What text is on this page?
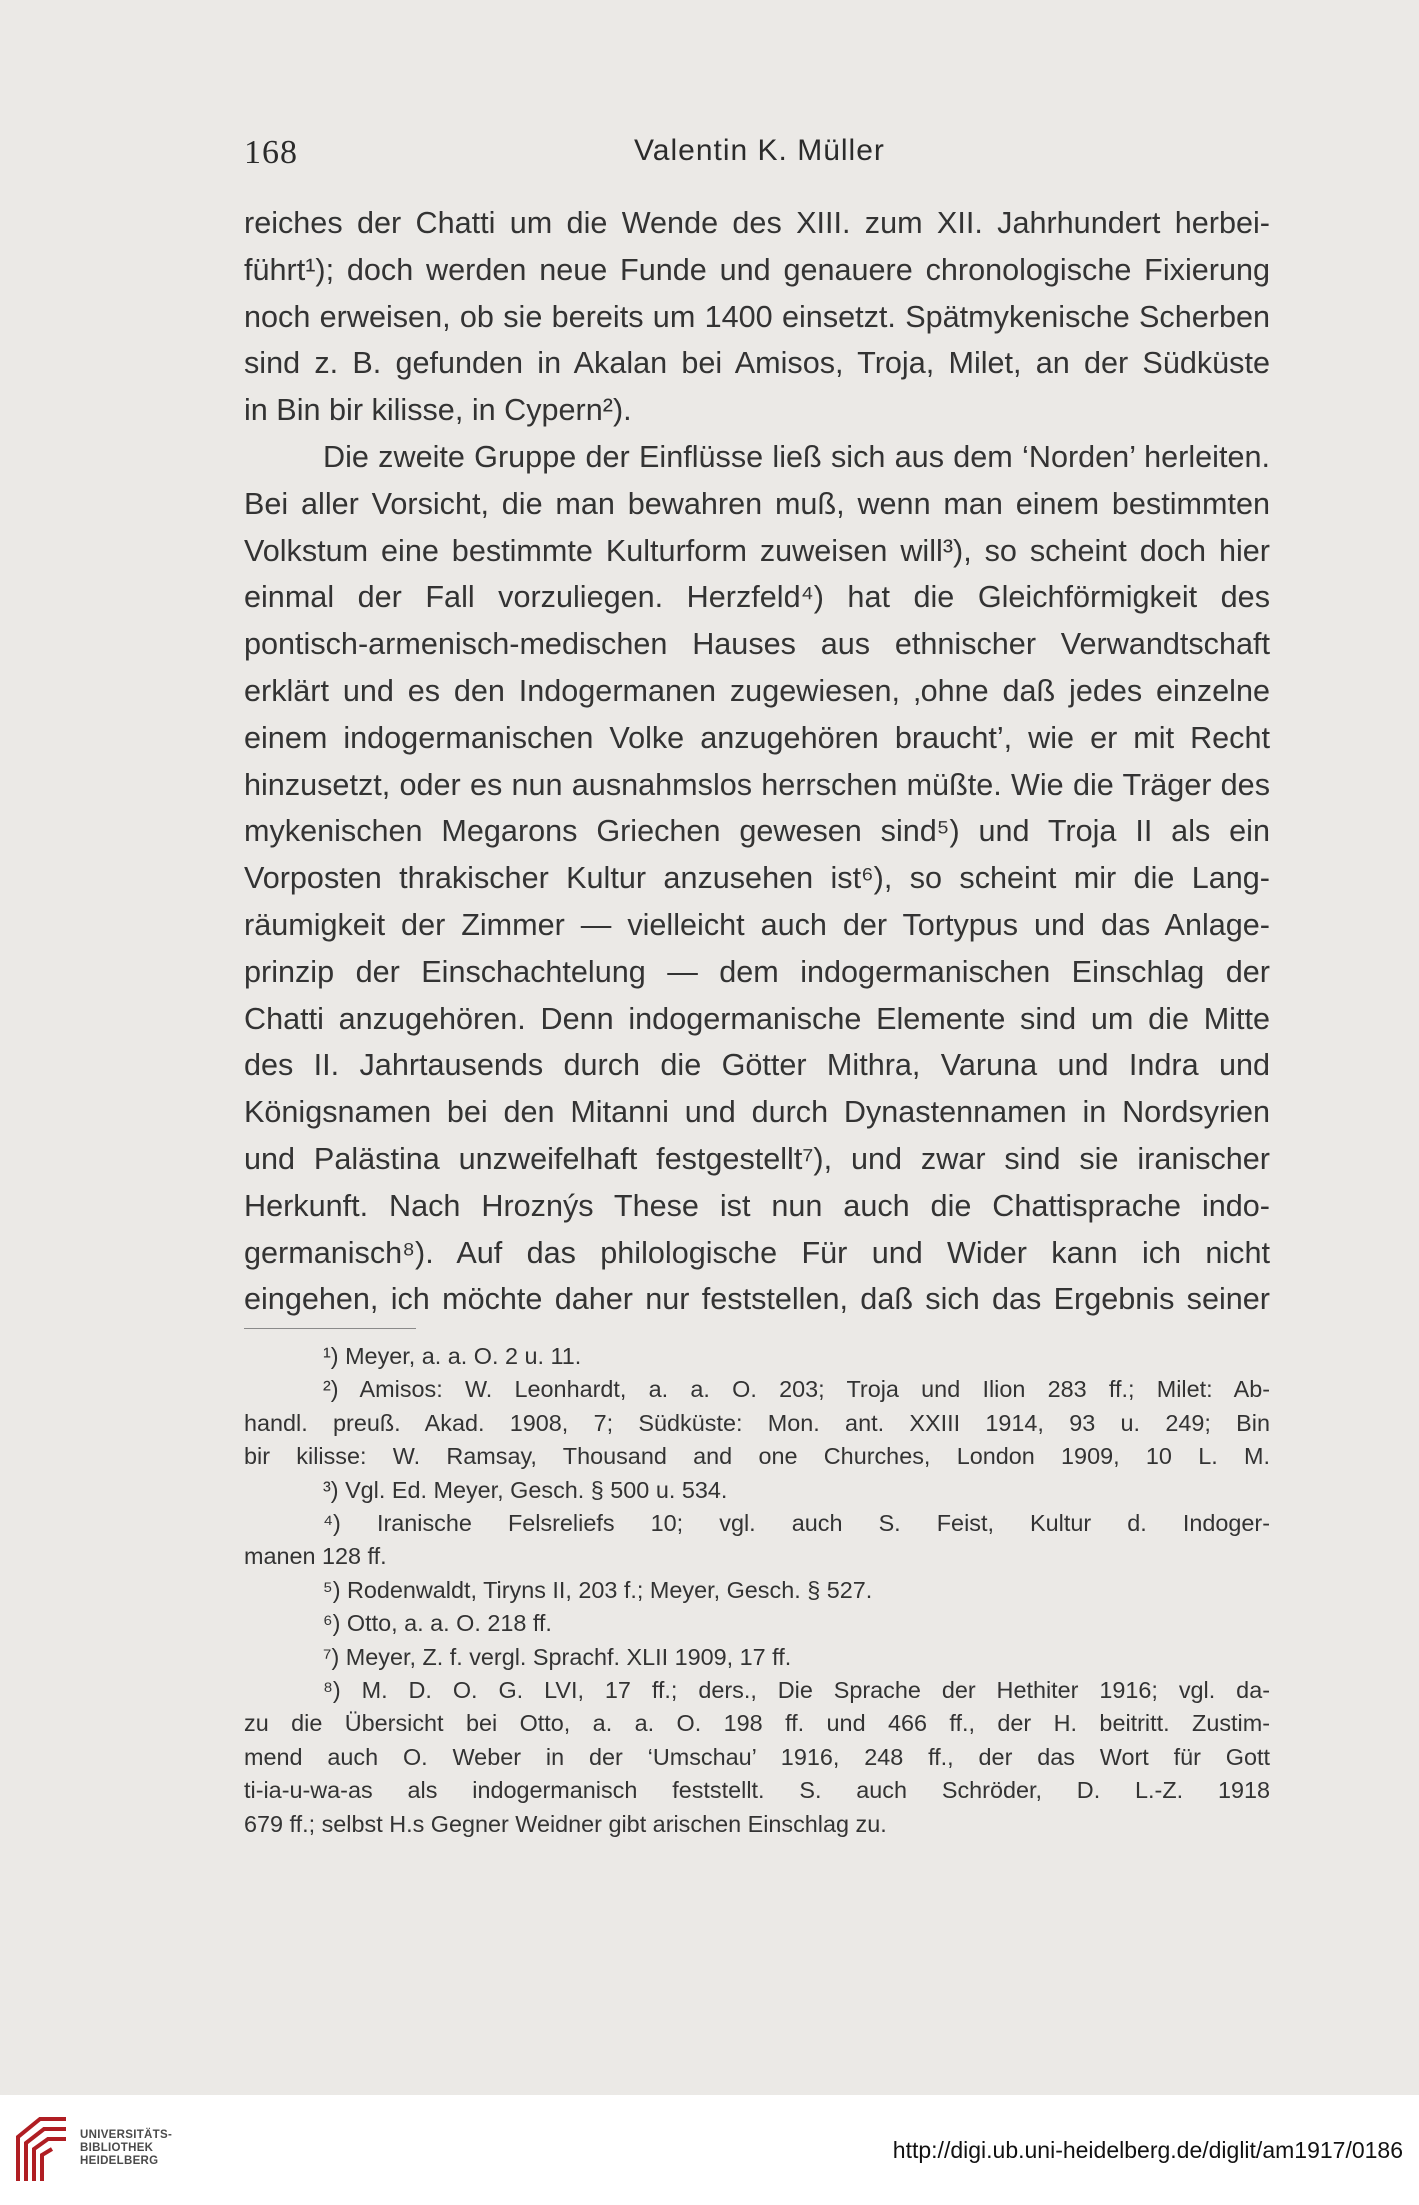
168	Valentin K. Müller
reiches der Chatti um die Wende des XIII. zum XII. Jahrhundert herbei-
führt¹); doch werden neue Funde und genauere chronologische Fixierung
noch erweisen, ob sie bereits um 1400 einsetzt. Spätmykenische Scherben
sind z. B. gefunden in Akalan bei Amisos, Troja, Milet, an der Südküste
in Bin bir kilisse, in Cypern²).
Die zweite Gruppe der Einflüsse ließ sich aus dem ‘Norden’ herleiten.
Bei aller Vorsicht, die man bewahren muß, wenn man einem bestimmten
Volkstum eine bestimmte Kulturform zuweisen will³), so scheint doch hier
einmal der Fall vorzuliegen. Herzfeld⁴) hat die Gleichförmigkeit des
pontisch-armenisch-medischen Hauses aus ethnischer Verwandtschaft
erklärt und es den Indogermanen zugewiesen, ‚ohne daß jedes einzelne
einem indogermanischen Volke anzugehören braucht’, wie er mit Recht
hinzusetzt, oder es nun ausnahmslos herrschen müßte. Wie die Träger des
mykenischen Megarons Griechen gewesen sind⁵) und Troja II als ein
Vorposten thrakischer Kultur anzusehen ist⁶), so scheint mir die Lang-
räumigkeit der Zimmer — vielleicht auch der Tortypus und das Anlage-
prinzip der Einschachtelung — dem indogermanischen Einschlag der
Chatti anzugehören. Denn indogermanische Elemente sind um die Mitte
des II. Jahrtausends durch die Götter Mithra, Varuna und Indra und
Königsnamen bei den Mitanni und durch Dynastennamen in Nordsyrien
und Palästina unzweifelhaft festgestellt⁷), und zwar sind sie iranischer
Herkunft. Nach Hroznýs These ist nun auch die Chattisprache indo-
germanisch⁸). Auf das philologische Für und Wider kann ich nicht
eingehen, ich möchte daher nur feststellen, daß sich das Ergebnis seiner
¹) Meyer, a. a. O. 2 u. 11.
²) Amisos: W. Leonhardt, a. a. O. 203; Troja und Ilion 283 ff.; Milet: Ab-
handl. preuß. Akad. 1908, 7; Südküste: Mon. ant. XXIII 1914, 93 u. 249; Bin
bir kilisse: W. Ramsay, Thousand and one Churches, London 1909, 10 L. M.
³) Vgl. Ed. Meyer, Gesch. § 500 u. 534.
⁴) Iranische Felsreliefs 10; vgl. auch S. Feist, Kultur d. Indoger-
manen 128 ff.
⁵) Rodenwaldt, Tiryns II, 203 f.; Meyer, Gesch. § 527.
⁶) Otto, a. a. O. 218 ff.
⁷) Meyer, Z. f. vergl. Sprachf. XLII 1909, 17 ff.
⁸) M. D. O. G. LVI, 17 ff.; ders., Die Sprache der Hethiter 1916; vgl. da-
zu die Übersicht bei Otto, a. a. O. 198 ff. und 466 ff., der H. beitritt. Zustim-
mend auch O. Weber in der ‘Umschau’ 1916, 248 ff., der das Wort für Gott
ti-ia-u-wa-as als indogermanisch feststellt. S. auch Schröder, D. L.-Z. 1918
679 ff.; selbst H.s Gegner Weidner gibt arischen Einschlag zu.
UNIVERSITÄTS-
BIBLIOTHEK
HEIDELBERG	http://digi.ub.uni-heidelberg.de/diglit/am1917/0186
